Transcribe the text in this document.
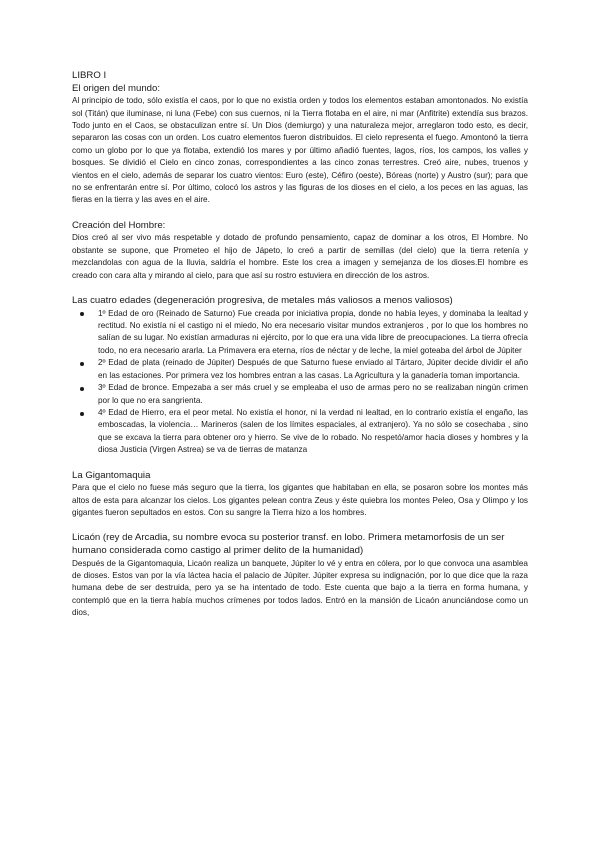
LIBRO I

El origen del mundo:

Al principio de todo, sólo existía el caos, por lo que no existía orden y todos los elementos estaban amontonados. No existía sol (Titán) que iluminase, ni luna (Febe) con sus cuernos, ni la Tierra flotaba en el aire, ni mar (Anfitrite) extendía sus brazos. Todo junto en el Caos, se obstaculizan entre sí. Un Dios (demiurgo) y una naturaleza mejor, arreglaron todo esto, es decir, separaron las cosas con un orden. Los cuatro elementos fueron distribuidos. El cielo representa el fuego. Amontonó la tierra como un globo por lo que ya flotaba, extendió los mares y por último añadió fuentes, lagos, ríos, los campos, los valles y bosques. Se dividió el Cielo en cinco zonas, correspondientes a las cinco zonas terrestres. Creó aire, nubes, truenos y vientos en el cielo, además de separar los cuatro vientos: Euro (este), Céfiro (oeste), Bóreas (norte) y Austro (sur); para que no se enfrentarán entre sí. Por último, colocó los astros y las figuras de los dioses en el cielo, a los peces en las aguas, las fieras en la tierra y las aves en el aire.

Creación del Hombre:

Dios creó al ser vivo más respetable y dotado de profundo pensamiento, capaz de dominar a los otros, El Hombre. No obstante se supone, que Prometeo el hijo de Jápeto, lo creó a partir de semillas (del cielo) que la tierra retenía y mezclandolas con agua de la lluvia, saldría el hombre. Este los crea a imagen y semejanza de los dioses.El hombre es creado con cara alta y mirando al cielo, para que así su rostro estuviera en dirección de los astros.

Las cuatro edades (degeneración progresiva, de metales más valiosos a menos valiosos)

1º Edad de oro (Reinado de Saturno) Fue creada por iniciativa propia, donde no había leyes, y dominaba la lealtad y rectitud. No existía ni el castigo ni el miedo, No era necesario visitar mundos extranjeros , por lo que los hombres no salían de su lugar. No existían armaduras ni ejército, por lo que era una vida libre de preocupaciones. La tierra ofrecía todo, no era necesario ararla. La Primavera era eterna, ríos de néctar y de leche, la miel goteaba del árbol de Júpiter
2º Edad de plata (reinado de Júpiter) Después de que Saturno fuese enviado al Tártaro, Júpiter decide dividir el año en las estaciones. Por primera vez los hombres entran a las casas. La Agricultura y la ganadería toman importancia.
3º Edad de bronce. Empezaba a ser más cruel y se empleaba el uso de armas pero no se realizaban ningún crimen por lo que no era sangrienta.
4º Edad de Hierro, era el peor metal. No existía el honor, ni la verdad ni lealtad, en lo contrario existía el engaño, las emboscadas, la violencia… Marineros (salen de los límites espaciales, al extranjero). Ya no sólo se cosechaba , sino que se excava la tierra para obtener oro y hierro. Se vive de lo robado. No respetó/amor hacia dioses y hombres y la diosa Justicia (Virgen Astrea) se va de tierras de matanza

La Gigantomaquia

Para que el cielo no fuese más seguro que la tierra, los gigantes que habitaban en ella, se posaron sobre los montes más altos de esta para alcanzar los cielos. Los gigantes pelean contra Zeus y éste quiebra los montes Peleo, Osa y Olimpo y los gigantes fueron sepultados en estos. Con su sangre la Tierra hizo a los hombres.

Licaón (rey de Arcadia, su nombre evoca su posterior transf. en lobo. Primera metamorfosis de un ser humano considerada como castigo al primer delito de la humanidad)

Después de la Gigantomaquia, Licaón realiza un banquete, Júpiter lo vé y entra en cólera, por lo que convoca una asamblea de dioses. Estos van por la vía láctea hacia el palacio de Júpiter. Júpiter expresa su indignación, por lo que dice que la raza humana debe de ser destruida, pero ya se ha intentado de todo. Este cuenta que bajo a la tierra en forma humana, y contempló que en la tierra había muchos crímenes por todos lados. Entró en la mansión de Licaón anunciándose como un dios,
